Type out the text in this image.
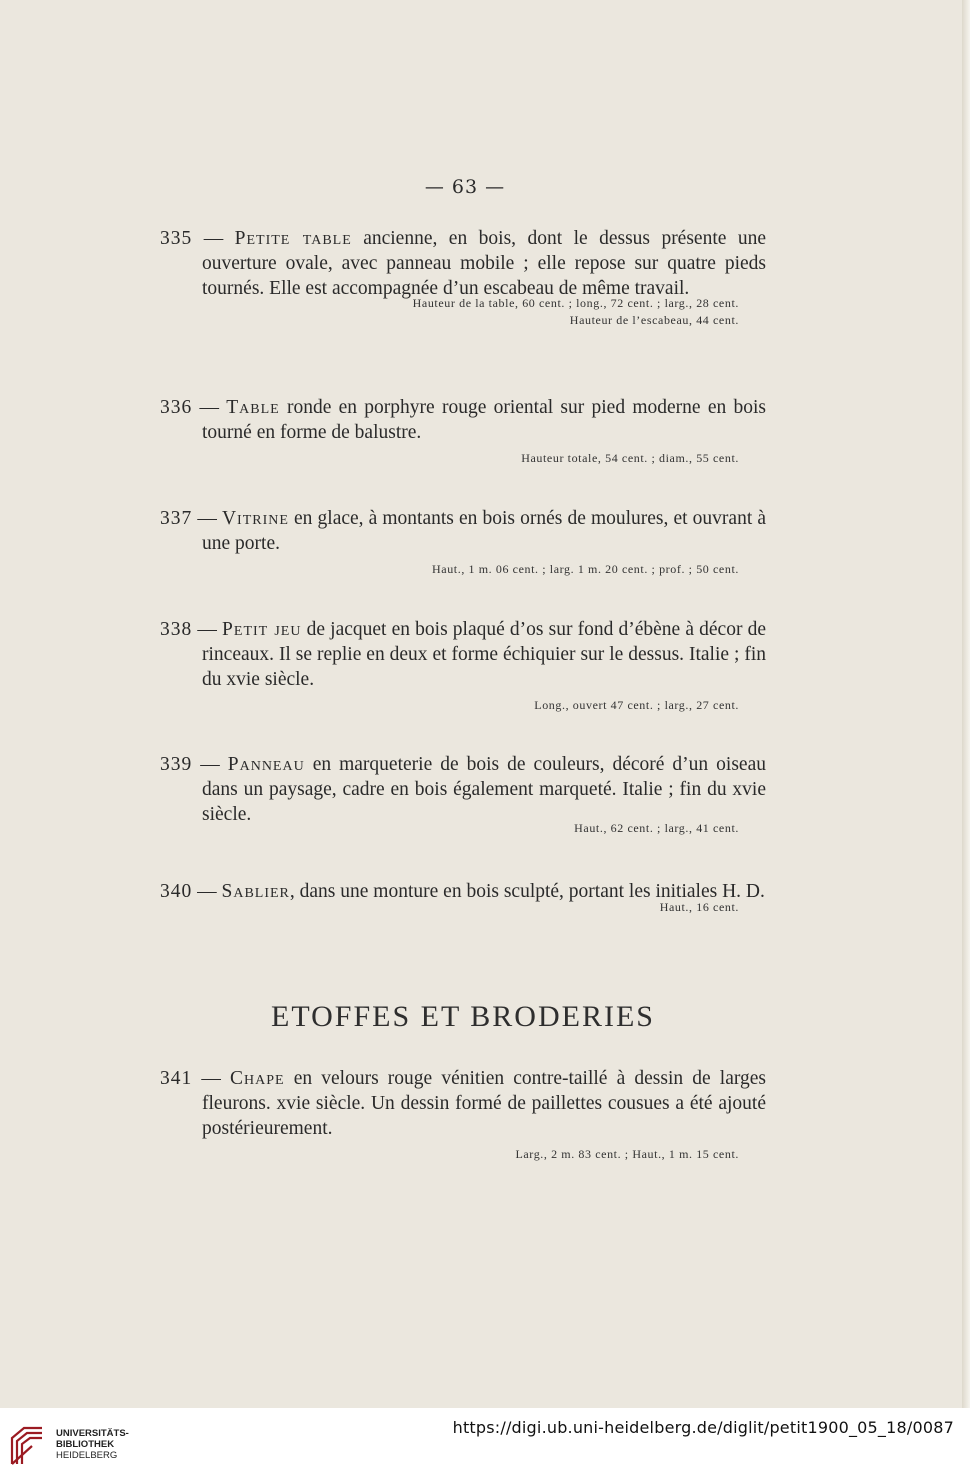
— 63 —

335 — Petite table ancienne, en bois, dont le dessus présente une ouverture ovale, avec panneau mobile ; elle repose sur quatre pieds tournés. Elle est accompagnée d’un escabeau de même travail.

Hauteur de la table, 60 cent. ; long., 72 cent. ; larg., 28 cent.
Hauteur de l’escabeau, 44 cent.

336 — Table ronde en porphyre rouge oriental sur pied moderne en bois tourné en forme de balustre.

Hauteur totale, 54 cent. ; diam., 55 cent.

337 — Vitrine en glace, à montants en bois ornés de moulures, et ouvrant à une porte.

Haut., 1 m. 06 cent. ; larg. 1 m. 20 cent. ; prof. ; 50 cent.

338 — Petit jeu de jacquet en bois plaqué d’os sur fond d’ébène à décor de rinceaux. Il se replie en deux et forme échiquier sur le dessus. Italie ; fin du xvie siècle.

Long., ouvert 47 cent. ; larg., 27 cent.

339 — Panneau en marqueterie de bois de couleurs, décoré d’un oiseau dans un paysage, cadre en bois également marqueté. Italie ; fin du xvie siècle.

Haut., 62 cent. ; larg., 41 cent.

340 — Sablier, dans une monture en bois sculpté, portant les initiales H. D.

Haut., 16 cent.
ETOFFES ET BRODERIES

341 — Chape en velours rouge vénitien contre-taillé à dessin de larges fleurons. xvie siècle. Un dessin formé de paillettes cousues a été ajouté postérieurement.

Larg., 2 m. 83 cent. ; Haut., 1 m. 15 cent.
UNIVERSITÄTS-
BIBLIOTHEK
HEIDELBERG
https://digi.ub.uni-heidelberg.de/diglit/petit1900_05_18/0087
